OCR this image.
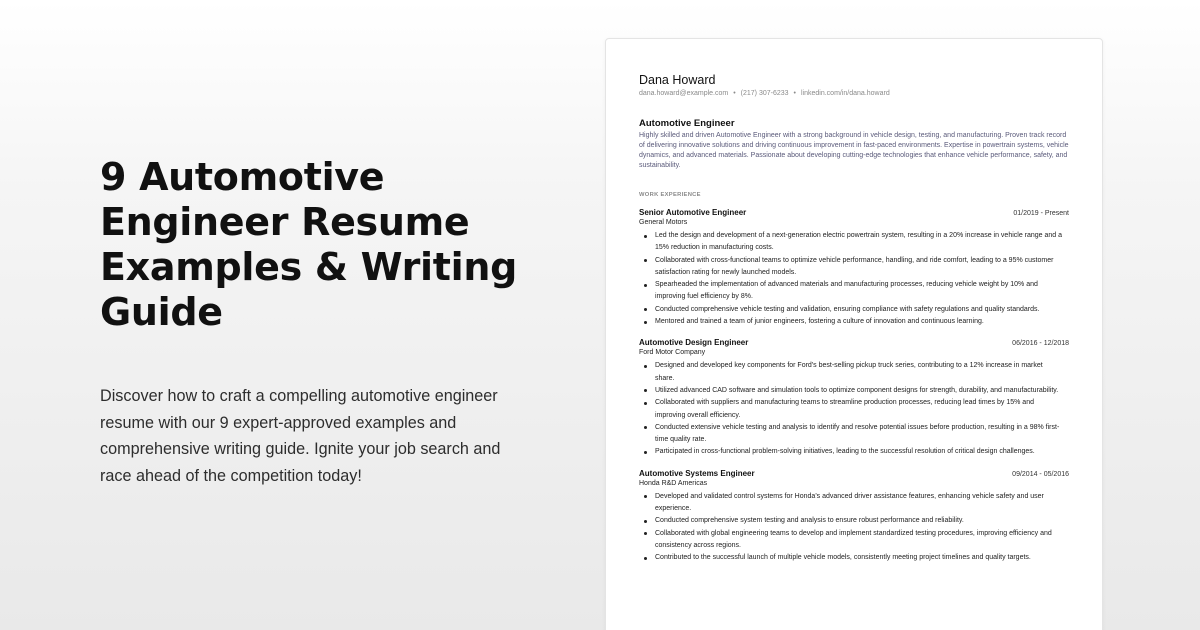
9 Automotive Engineer Resume Examples & Writing Guide

Discover how to craft a compelling automotive engineer resume with our 9 expert-approved examples and comprehensive writing guide. Ignite your job search and race ahead of the competition today!

Dana Howard
dana.howard@example.com • (217) 307-6233 • linkedin.com/in/dana.howard
Automotive Engineer
Highly skilled and driven Automotive Engineer with a strong background in vehicle design, testing, and manufacturing. Proven track record of delivering innovative solutions and driving continuous improvement in fast-paced environments. Expertise in powertrain systems, vehicle dynamics, and advanced materials. Passionate about developing cutting-edge technologies that enhance vehicle performance, safety, and sustainability.
WORK EXPERIENCE
Senior Automotive Engineer	01/2019 - Present
General Motors
Led the design and development of a next-generation electric powertrain system, resulting in a 20% increase in vehicle range and a 15% reduction in manufacturing costs.
Collaborated with cross-functional teams to optimize vehicle performance, handling, and ride comfort, leading to a 95% customer satisfaction rating for newly launched models.
Spearheaded the implementation of advanced materials and manufacturing processes, reducing vehicle weight by 10% and improving fuel efficiency by 8%.
Conducted comprehensive vehicle testing and validation, ensuring compliance with safety regulations and quality standards.
Mentored and trained a team of junior engineers, fostering a culture of innovation and continuous learning.
Automotive Design Engineer	06/2016 - 12/2018
Ford Motor Company
Designed and developed key components for Ford's best-selling pickup truck series, contributing to a 12% increase in market share.
Utilized advanced CAD software and simulation tools to optimize component designs for strength, durability, and manufacturability.
Collaborated with suppliers and manufacturing teams to streamline production processes, reducing lead times by 15% and improving overall efficiency.
Conducted extensive vehicle testing and analysis to identify and resolve potential issues before production, resulting in a 98% first-time quality rate.
Participated in cross-functional problem-solving initiatives, leading to the successful resolution of critical design challenges.
Automotive Systems Engineer	09/2014 - 05/2016
Honda R&D Americas
Developed and validated control systems for Honda's advanced driver assistance features, enhancing vehicle safety and user experience.
Conducted comprehensive system testing and analysis to ensure robust performance and reliability.
Collaborated with global engineering teams to develop and implement standardized testing procedures, improving efficiency and consistency across regions.
Contributed to the successful launch of multiple vehicle models, consistently meeting project timelines and quality targets.
